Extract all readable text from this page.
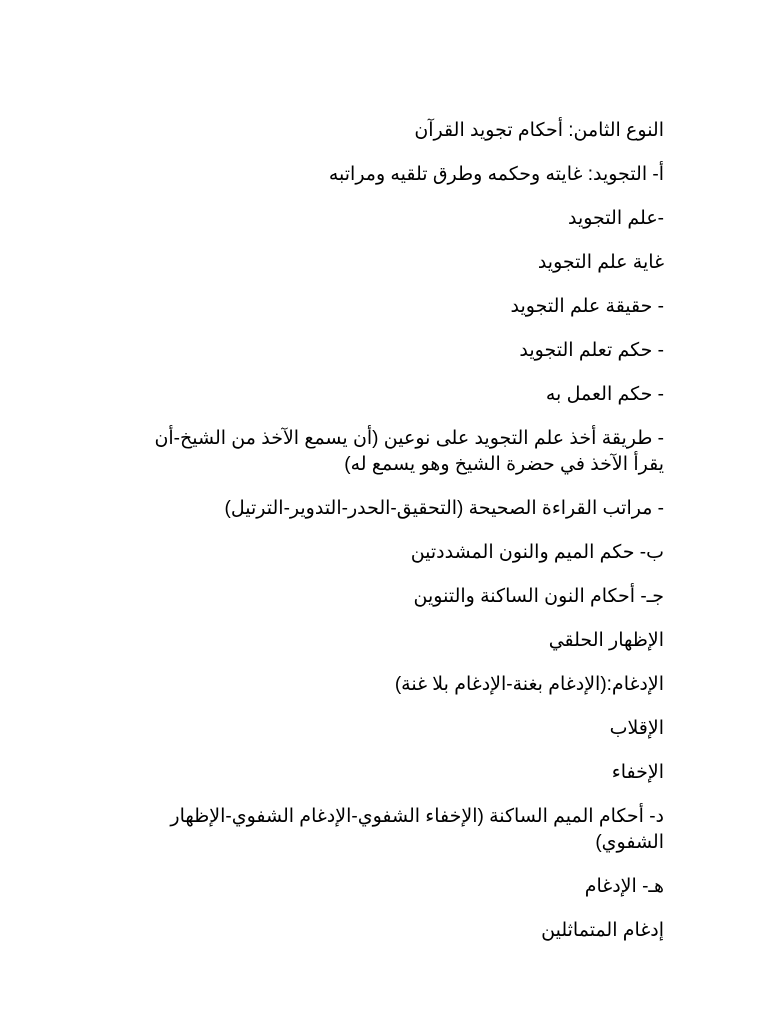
النوع الثامن: أحكام تجويد القرآن

أ- التجويد: غايته وحكمه وطرق تلقيه ومراتبه

-علم التجويد

غاية علم التجويد

- حقيقة علم التجويد

- حكم تعلم التجويد

- حكم العمل به

- طريقة أخذ علم التجويد على نوعين (أن يسمع الآخذ من الشيخ-أن يقرأ الآخذ في حضرة الشيخ وهو يسمع له)

- مراتب القراءة الصحيحة (التحقيق-الحدر-التدوير-الترتيل)

ب- حكم الميم والنون المشددتين

جـ- أحكام النون الساكنة والتنوين

الإظهار الحلقي

الإدغام:(الإدغام بغنة-الإدغام بلا غنة)

الإقلاب

الإخفاء

د- أحكام الميم الساكنة (الإخفاء الشفوي-الإدغام الشفوي-الإظهار الشفوي)

هـ- الإدغام

إدغام المتماثلين
